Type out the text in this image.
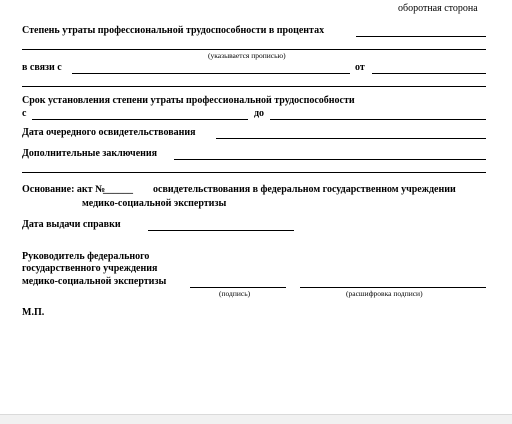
оборотная сторона
Степень утраты профессиональной трудоспособности в процентах
(указывается прописью)
в связи с	от
Срок установления степени утраты профессиональной трудоспособности
с	до
Дата очередного освидетельствования
Дополнительные заключения
Основание: акт №
______ освидетельствования в федеральном государственном учреждении
медико-социальной экспертизы
Дата выдачи справки
Руководитель федерального
государственного учреждения
медико-социальной экспертизы
(подпись)	(расшифровка подписи)
М.П.
